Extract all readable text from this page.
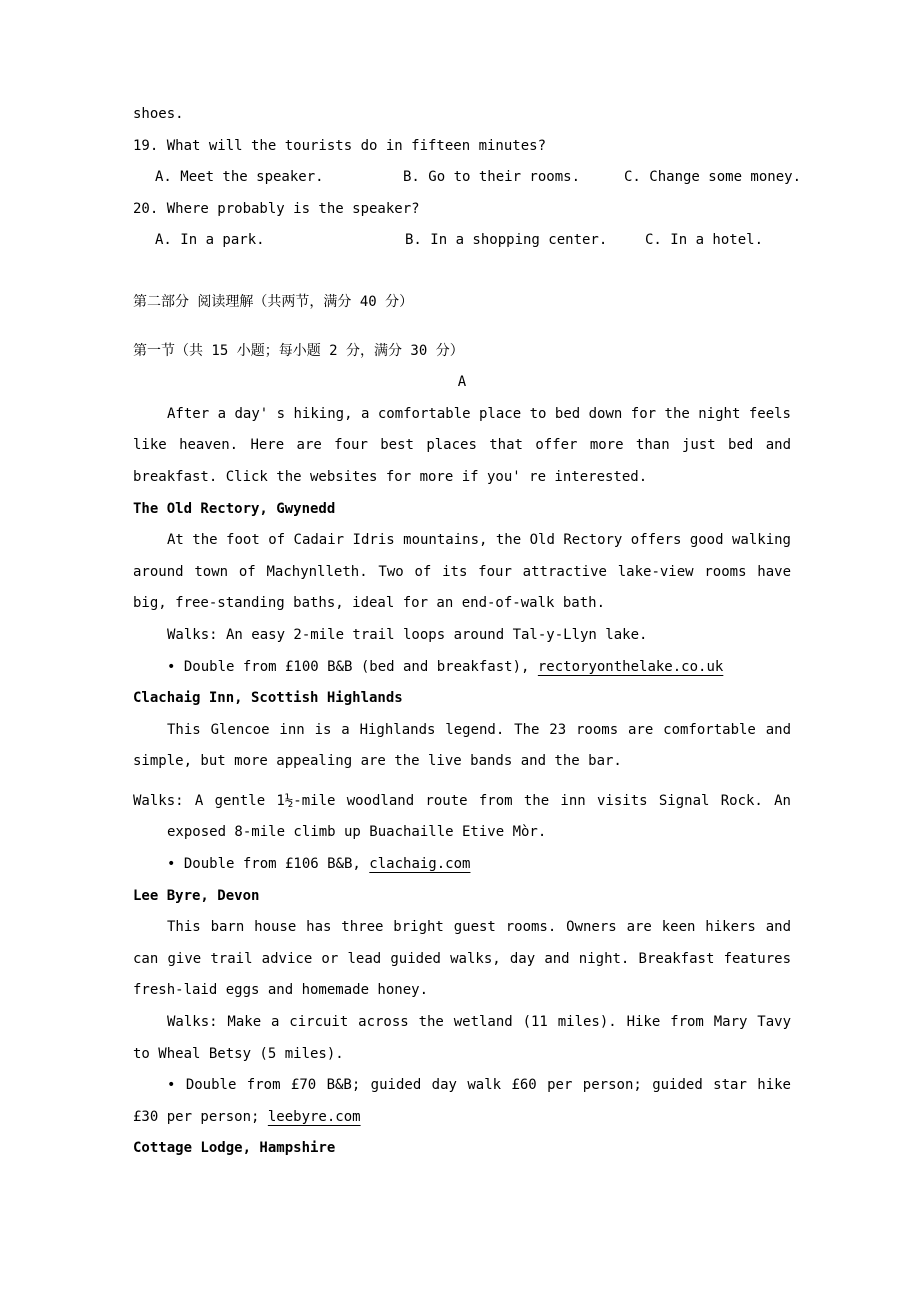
shoes.
19. What will the tourists do in fifteen minutes?
A. Meet the speaker.	B. Go to their rooms.	C. Change some money.
20. Where probably is the speaker?
A. In a park.	B. In a shopping center.	C. In a hotel.
第二部分 阅读理解（共两节，满分 40 分）
第一节（共 15 小题；每小题 2 分，满分 30 分）
A
After a day' s hiking, a comfortable place to bed down for the night feels like heaven. Here are four best places that offer more than just bed and breakfast. Click the websites for more if you' re interested.
The Old Rectory, Gwynedd
At the foot of Cadair Idris mountains, the Old Rectory offers good walking around town of Machynlleth. Two of its four attractive lake-view rooms have big, free-standing baths, ideal for an end-of-walk bath.
Walks: An easy 2-mile trail loops around Tal-y-Llyn lake.
• Double from £100 B&B (bed and breakfast), rectoryonthelake.co.uk
Clachaig Inn, Scottish Highlands
This Glencoe inn is a Highlands legend. The 23 rooms are comfortable and simple, but more appealing are the live bands and the bar.
Walks: A gentle 1½-mile woodland route from the inn visits Signal Rock. An exposed 8-mile climb up Buachaille Etive Mòr.
• Double from £106 B&B, clachaig.com
Lee Byre, Devon
This barn house has three bright guest rooms. Owners are keen hikers and can give trail advice or lead guided walks, day and night. Breakfast features fresh-laid eggs and homemade honey.
Walks: Make a circuit across the wetland (11 miles). Hike from Mary Tavy to Wheal Betsy (5 miles).
• Double from £70 B&B; guided day walk £60 per person; guided star hike £30 per person; leebyre.com
Cottage Lodge, Hampshire
